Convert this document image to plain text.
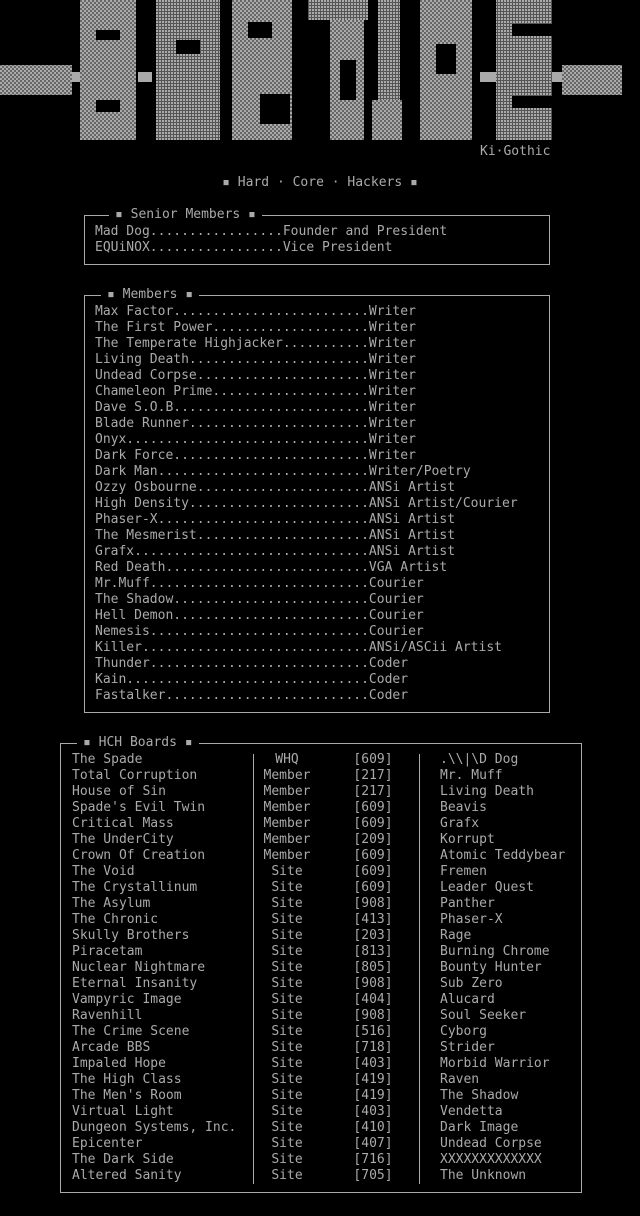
Ki·Gothic
▪ Hard · Core · Hackers ▪
▪ Senior Members ▪
Mad Dog.................Founder and President
EQUiNOX.................Vice President
▪ Members ▪
Max Factor.........................Writer
The First Power....................Writer
The Temperate Highjacker...........Writer
Living Death.......................Writer
Undead Corpse......................Writer
Chameleon Prime....................Writer
Dave S.O.B.........................Writer
Blade Runner.......................Writer
Onyx...............................Writer
Dark Force.........................Writer
Dark Man...........................Writer/Poetry
Ozzy Osbourne......................ANSi Artist
High Density.......................ANSi Artist/Courier
Phaser-X...........................ANSi Artist
The Mesmerist......................ANSi Artist
Grafx..............................ANSi Artist
Red Death..........................VGA Artist
Mr.Muff............................Courier
The Shadow.........................Courier
Hell Demon.........................Courier
Nemesis............................Courier
Killer.............................ANSi/ASCii Artist
Thunder............................Coder
Kain...............................Coder
Fastalker..........................Coder
▪ HCH Boards ▪
The Spade
Total Corruption
House of Sin
Spade's Evil Twin
Critical Mass
The UnderCity
Crown Of Creation
The Void
The Crystallinum
The Asylum
The Chronic
Skully Brothers
Piracetam
Nuclear Nightmare
Eternal Insanity
Vampyric Image
Ravenhill
The Crime Scene
Arcade BBS
Impaled Hope
The High Class
The Men's Room
Virtual Light
Dungeon Systems, Inc.
Epicenter
The Dark Side
Altered Sanity
WHQ
Member
Member
Member
Member
Member
Member
Site
Site
Site
Site
Site
Site
Site
Site
Site
Site
Site
Site
Site
Site
Site
Site
Site
Site
Site
Site
[609]
[217]
[217]
[609]
[609]
[209]
[609]
[609]
[609]
[908]
[413]
[203]
[813]
[805]
[908]
[404]
[908]
[516]
[718]
[403]
[419]
[419]
[403]
[410]
[407]
[716]
[705]
.\\|\D Dog
Mr. Muff
Living Death
Beavis
Grafx
Korrupt
Atomic Teddybear
Fremen
Leader Quest
Panther
Phaser-X
Rage
Burning Chrome
Bounty Hunter
Sub Zero
Alucard
Soul Seeker
Cyborg
Strider
Morbid Warrior
Raven
The Shadow
Vendetta
Dark Image
Undead Corpse
XXXXXXXXXXXXX
The Unknown
